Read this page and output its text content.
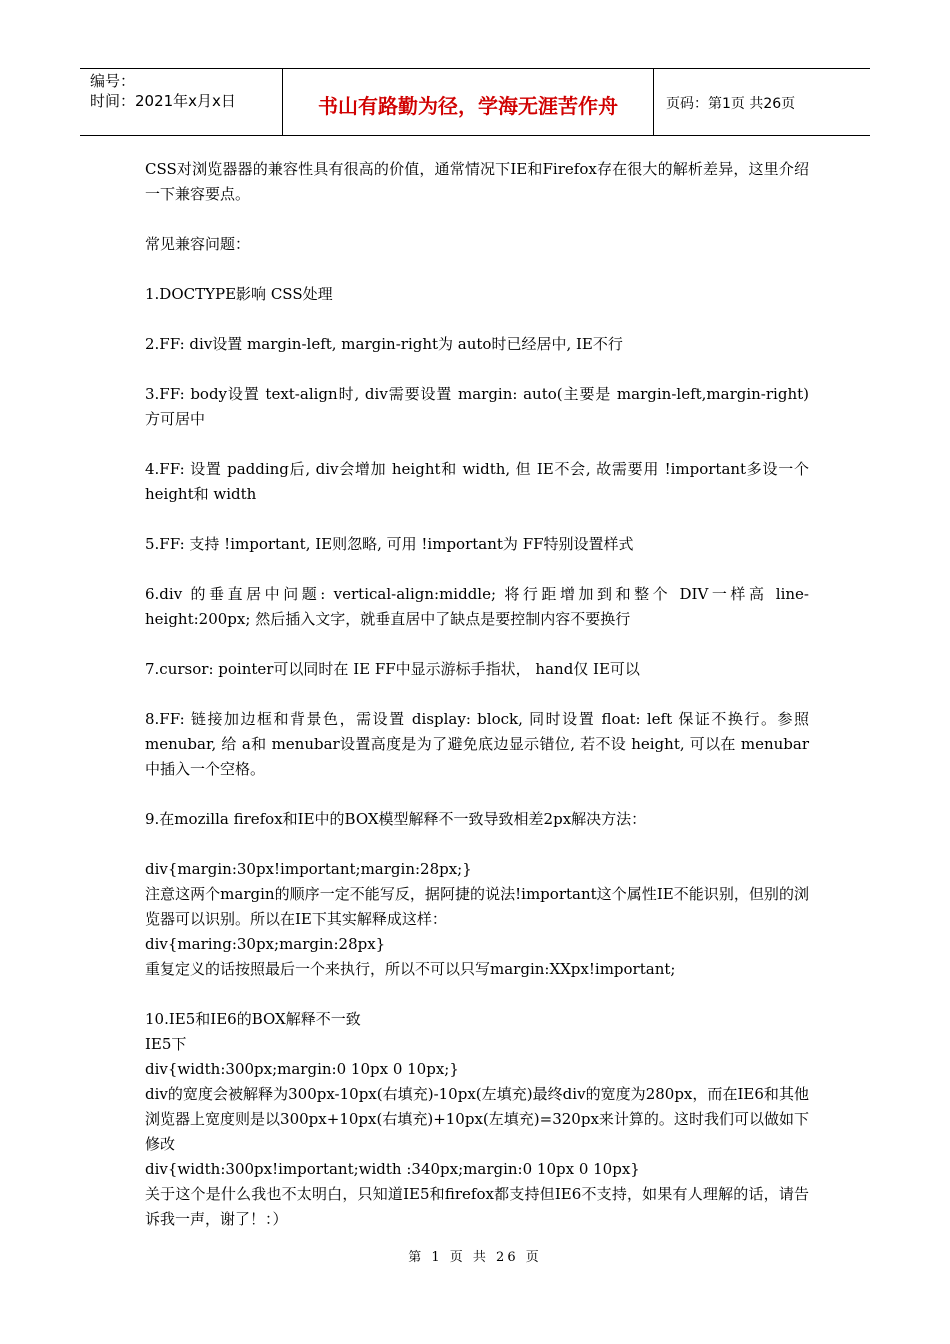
编号：
时间：2021年x月x日	书山有路勤为径，学海无涯苦作舟	页码：第1页 共26页

CSS对浏览器器的兼容性具有很高的价值，通常情况下IE和Firefox存在很大的解析差异，这里介绍一下兼容要点。

常见兼容问题：

1.DOCTYPE影响 CSS处理

2.FF: div设置 margin-left, margin-right为 auto时已经居中, IE不行

3.FF: body设置 text-align时, div需要设置 margin: auto(主要是 margin-left,margin-right) 方可居中

4.FF: 设置 padding后, div会增加 height和 width, 但 IE不会, 故需要用 !important多设一个 height和 width

5.FF: 支持 !important, IE则忽略, 可用 !important为 FF特别设置样式

6.div 的垂直居中问题: vertical-align:middle; 将行距增加到和整个 DIV一样高 line-height:200px; 然后插入文字，就垂直居中了缺点是要控制内容不要换行

7.cursor: pointer可以同时在 IE FF中显示游标手指状， hand仅 IE可以

8.FF: 链接加边框和背景色，需设置 display: block, 同时设置 float: left 保证不换行。参照 menubar, 给 a和 menubar设置高度是为了避免底边显示错位, 若不设 height, 可以在 menubar中插入一个空格。

9.在mozilla firefox和IE中的BOX模型解释不一致导致相差2px解决方法：

div{margin:30px!important;margin:28px;}

注意这两个margin的顺序一定不能写反，据阿捷的说法!important这个属性IE不能识别，但别的浏览器可以识别。所以在IE下其实解释成这样：

div{maring:30px;margin:28px}

重复定义的话按照最后一个来执行，所以不可以只写margin:XXpx!important;

10.IE5和IE6的BOX解释不一致

IE5下

div{width:300px;margin:0 10px 0 10px;}

div的宽度会被解释为300px-10px(右填充)-10px(左填充)最终div的宽度为280px，而在IE6和其他浏览器上宽度则是以300px+10px(右填充)+10px(左填充)=320px来计算的。这时我们可以做如下修改

div{width:300px!important;width :340px;margin:0 10px 0 10px}

关于这个是什么我也不太明白，只知道IE5和firefox都支持但IE6不支持，如果有人理解的话，请告诉我一声，谢了！：）

第 1 页 共 26 页
